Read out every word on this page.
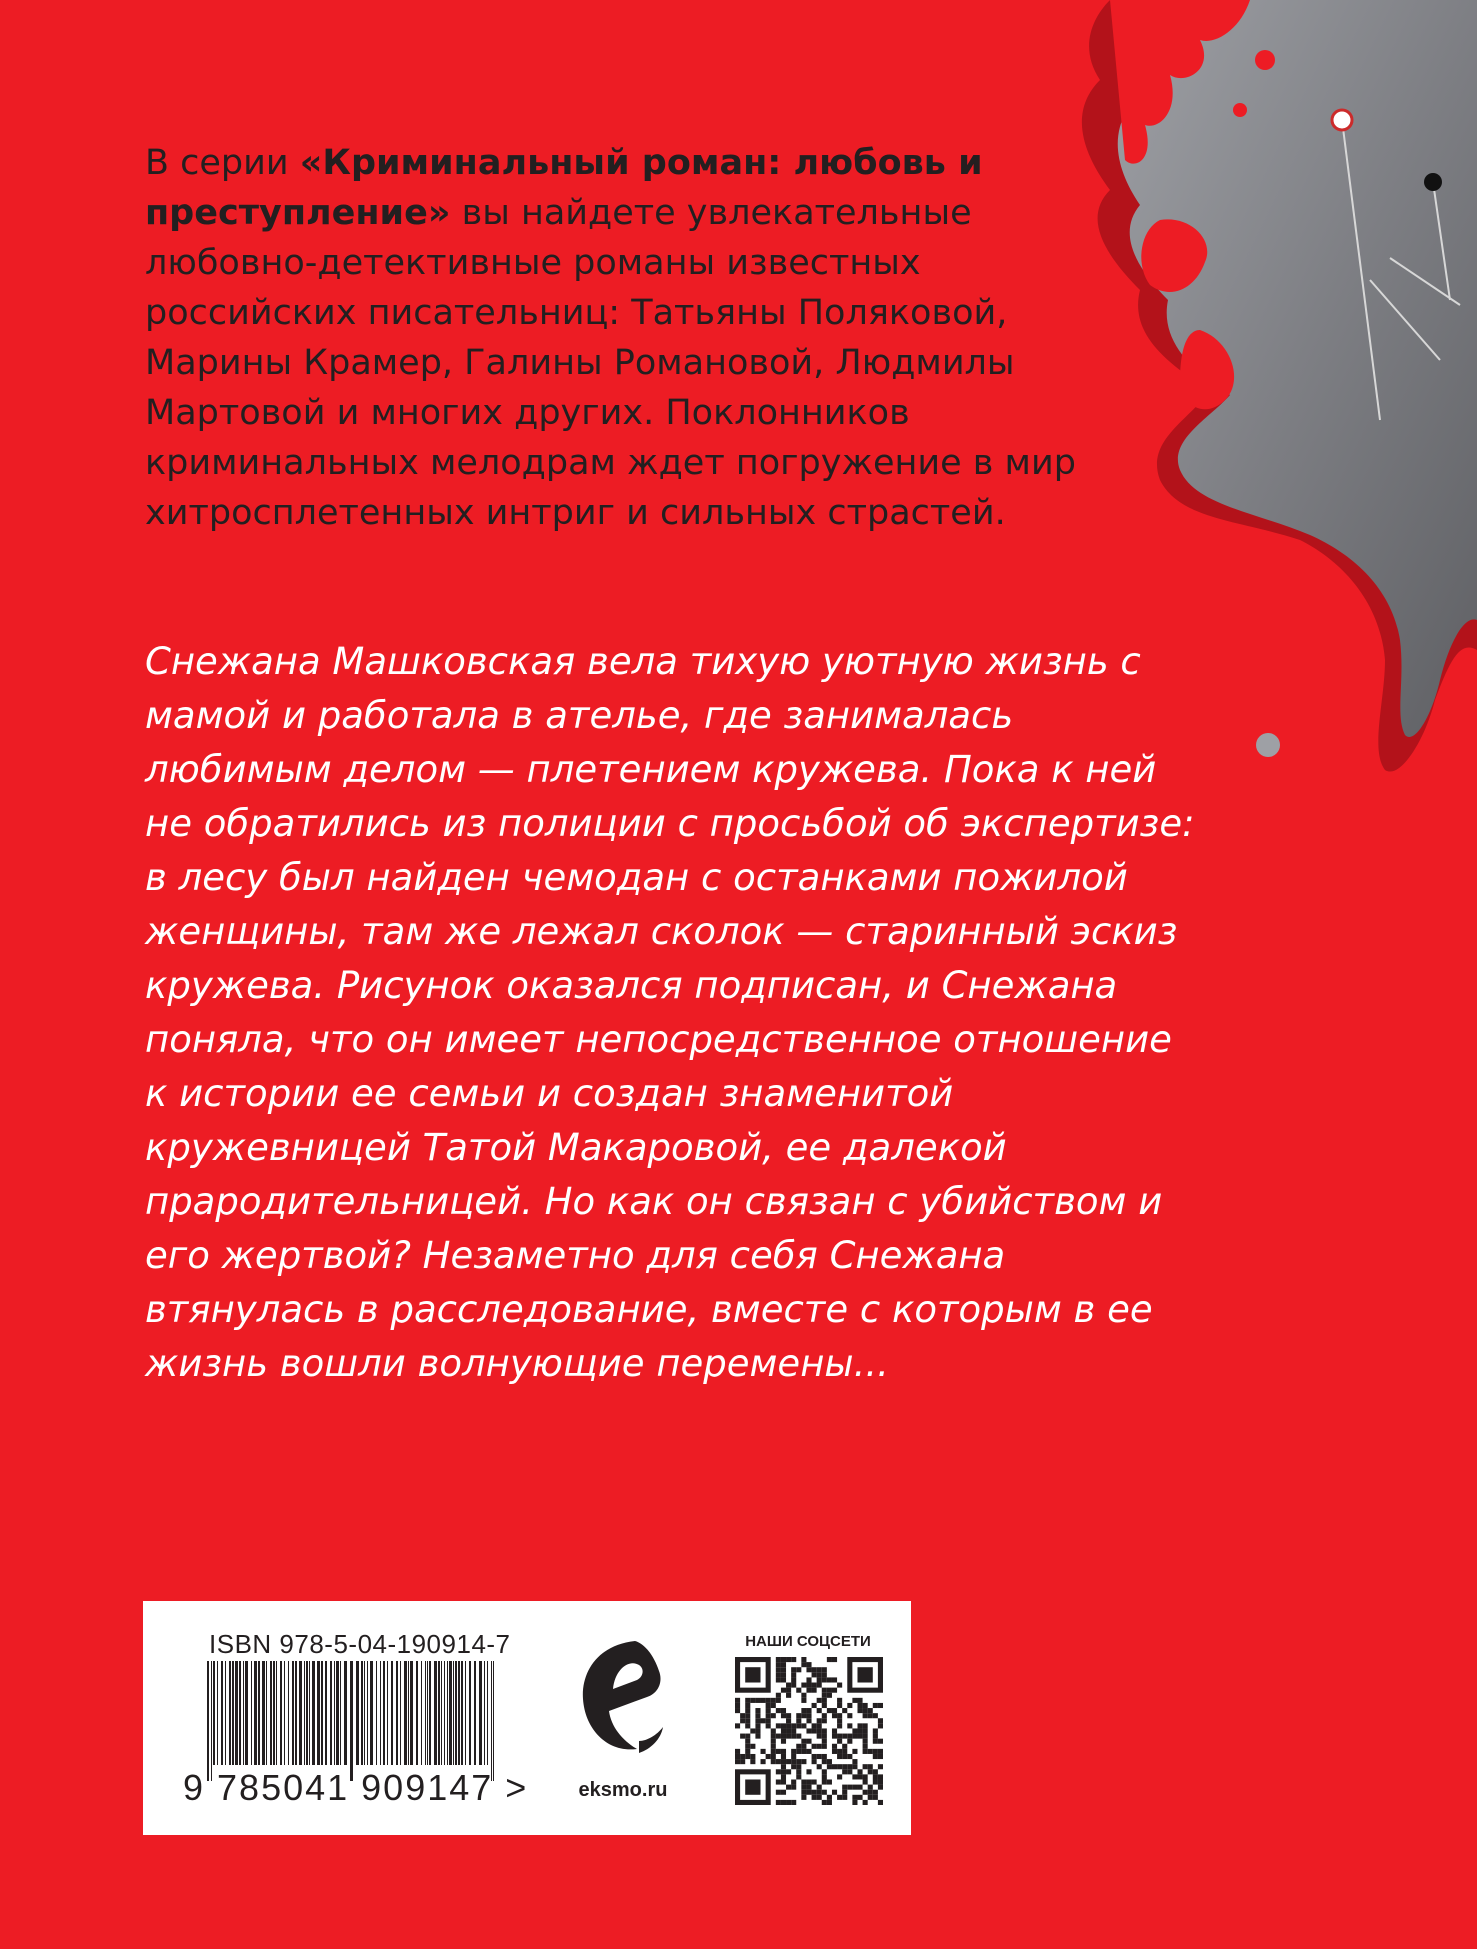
В серии «Криминальный роман: любовь и преступление» вы найдете увлекательные любовно-детективные романы известных российских писательниц: Татьяны Поляковой, Марины Крамер, Галины Романовой, Людмилы Мартовой и многих других. Поклонников криминальных мелодрам ждет погружение в мир хитросплетенных интриг и сильных страстей.

Снежана Машковская вела тихую уютную жизнь с мамой и работала в ателье, где занималась любимым делом — плетением кружева. Пока к ней не обратились из полиции с просьбой об экспертизе: в лесу был найден чемодан с останками пожилой женщины, там же лежал сколок — старинный эскиз кружева. Рисунок оказался подписан, и Снежана поняла, что он имеет непосредственное отношение к истории ее семьи и создан знаменитой кружевницей Татой Макаровой, ее далекой прародительницей. Но как он связан с убийством и его жертвой? Незаметно для себя Снежана втянулась в расследование, вместе с которым в ее жизнь вошли волнующие перемены...

ISBN 978-5-04-190914-7
9 785041 909147 >	eksmo.ru
НАШИ СОЦСЕТИ
